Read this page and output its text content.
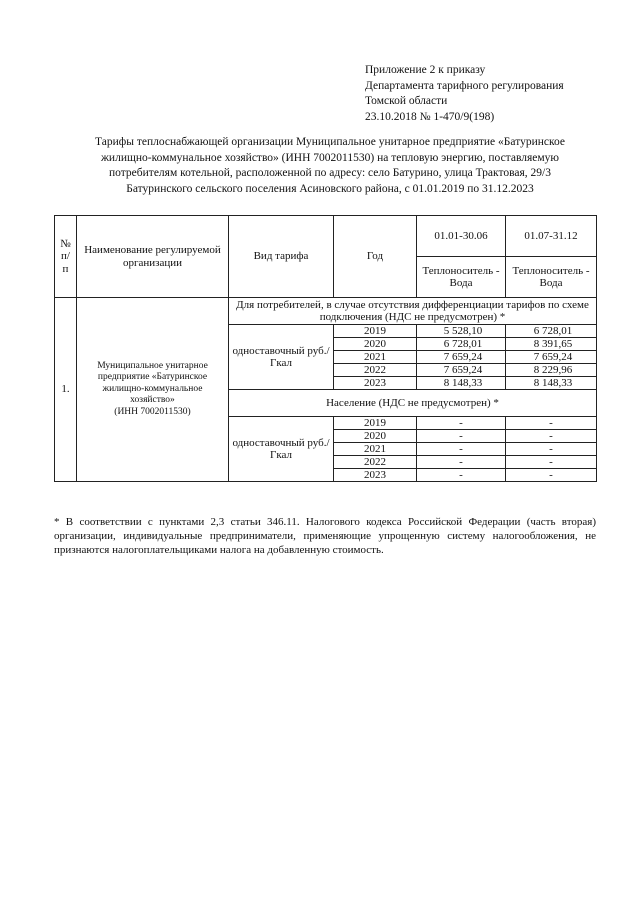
Приложение 2 к приказу
Департамента тарифного регулирования
Томской области
23.10.2018 № 1-470/9(198)
Тарифы теплоснабжающей организации Муниципальное унитарное предприятие «Батуринское
жилищно-коммунальное хозяйство» (ИНН 7002011530) на тепловую энергию, поставляемую
потребителям котельной, расположенной по адресу: село Батурино, улица Трактовая, 29/3
Батуринского сельского поселения Асиновского района, с 01.01.2019 по 31.12.2023
№ п/ п	Наименование регулируемой организации	Вид тарифа	Год	01.01-30.06	01.07-31.12
				Теплоноситель - Вода	Теплоноситель - Вода
1.	Муниципальное унитарное
предприятие «Батуринское
жилищно-коммунальное
хозяйство»
(ИНН 7002011530)	Для потребителей, в случае отсутствия дифференциации тарифов по схеме подключения (НДС не предусмотрен) *			
		одноставочный руб./Гкал	2019	5 528,10	6 728,01
			2020	6 728,01	8 391,65
			2021	7 659,24	7 659,24
			2022	7 659,24	8 229,96
			2023	8 148,33	8 148,33
		Население (НДС не предусмотрен) *			
		одноставочный руб./Гкал	2019	-	-
			2020	-	-
			2021	-	-
			2022	-	-
			2023	-	-
* В соответствии с пунктами 2,3 статьи 346.11. Налогового кодекса Российской Федерации (часть вторая) организации, индивидуальные предприниматели, применяющие упрощенную систему налогообложения, не признаются налогоплательщиками налога на добавленную стоимость.
